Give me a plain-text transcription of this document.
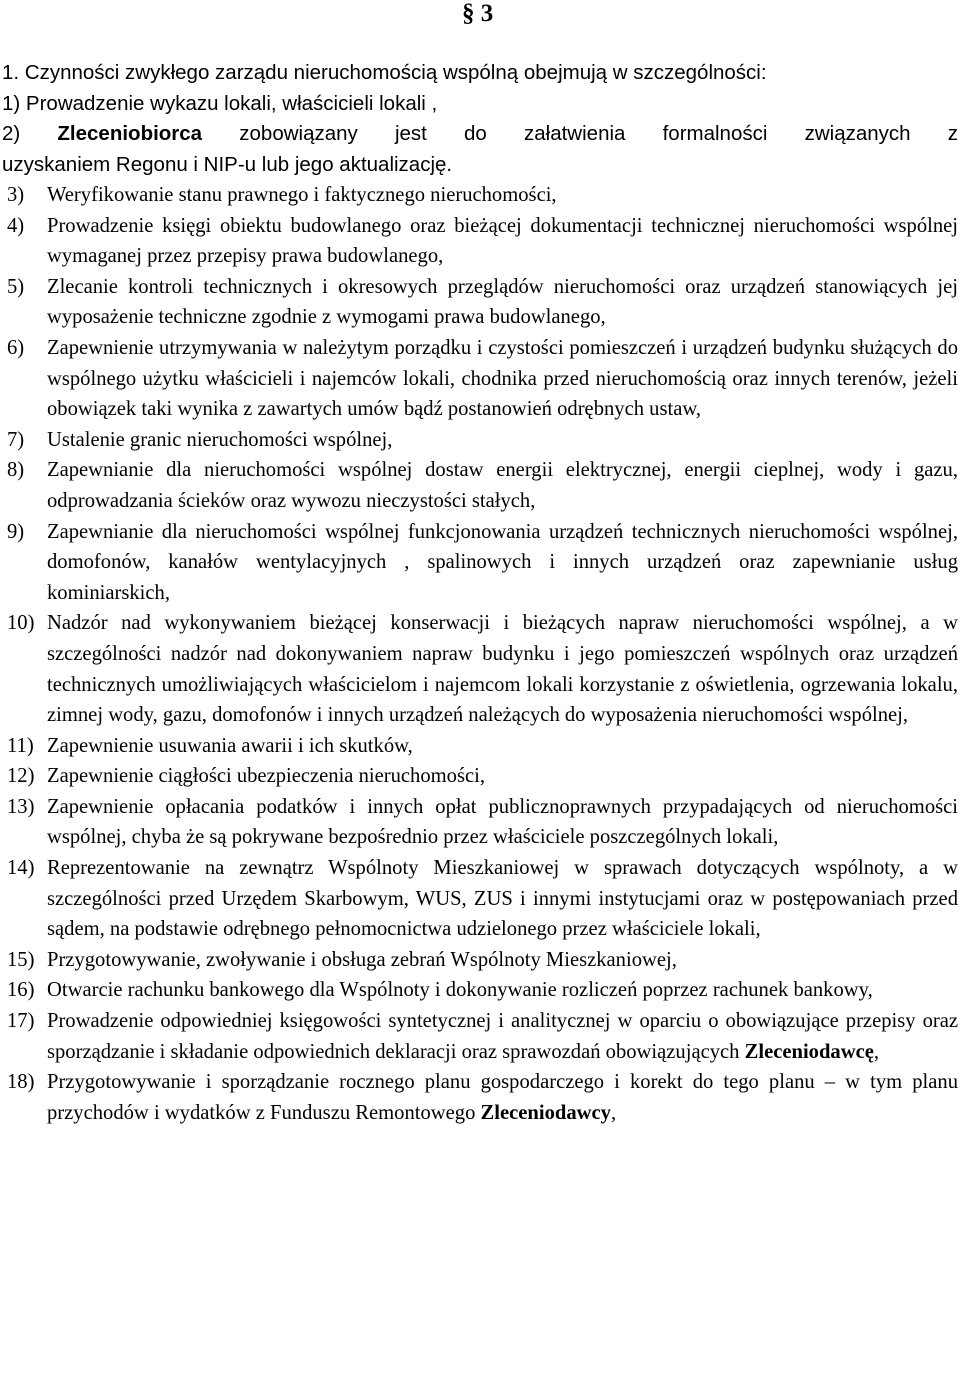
§ 3
1. Czynności zwykłego zarządu nieruchomością wspólną obejmują w szczególności:
1) Prowadzenie wykazu lokali, właścicieli lokali ,
2) Zleceniobiorca zobowiązany jest do załatwienia formalności związanych z
uzyskaniem Regonu i NIP-u lub jego aktualizację.
3)	Weryfikowanie stanu prawnego i faktycznego nieruchomości,
4)	Prowadzenie księgi obiektu budowlanego oraz bieżącej dokumentacji technicznej nieruchomości wspólnej wymaganej przez przepisy prawa budowlanego,
5)	Zlecanie kontroli technicznych i okresowych przeglądów nieruchomości oraz urządzeń stanowiących jej wyposażenie techniczne zgodnie z wymogami prawa budowlanego,
6)	Zapewnienie utrzymywania w należytym porządku i czystości pomieszczeń i urządzeń budynku służących do wspólnego użytku właścicieli i najemców lokali, chodnika przed nieruchomością oraz innych terenów, jeżeli obowiązek taki wynika z zawartych umów bądź postanowień odrębnych ustaw,
7)	Ustalenie granic nieruchomości wspólnej,
8)	Zapewnianie dla nieruchomości wspólnej dostaw energii elektrycznej, energii cieplnej, wody i gazu, odprowadzania ścieków oraz wywozu nieczystości stałych,
9)	Zapewnianie dla nieruchomości wspólnej funkcjonowania urządzeń technicznych nieruchomości wspólnej, domofonów, kanałów wentylacyjnych , spalinowych i innych urządzeń oraz zapewnianie usług kominiarskich,
10) Nadzór nad wykonywaniem bieżącej konserwacji i bieżących napraw nieruchomości wspólnej, a w szczególności nadzór nad dokonywaniem napraw budynku i jego pomieszczeń wspólnych oraz urządzeń technicznych umożliwiających właścicielom i najemcom lokali korzystanie z oświetlenia, ogrzewania lokalu, zimnej wody, gazu, domofonów i innych urządzeń należących do wyposażenia nieruchomości wspólnej,
11) Zapewnienie usuwania awarii i ich skutków,
12) Zapewnienie ciągłości ubezpieczenia nieruchomości,
13) Zapewnienie opłacania podatków i innych opłat publicznoprawnych przypadających od nieruchomości wspólnej, chyba że są pokrywane bezpośrednio przez właściciele poszczególnych lokali,
14) Reprezentowanie na zewnątrz Wspólnoty Mieszkaniowej w sprawach dotyczących wspólnoty, a w szczególności przed Urzędem Skarbowym, WUS, ZUS i innymi instytucjami oraz w postępowaniach przed sądem, na podstawie odrębnego pełnomocnictwa udzielonego przez właściciele lokali,
15) Przygotowywanie, zwoływanie i obsługa zebrań Wspólnoty Mieszkaniowej,
16) Otwarcie rachunku bankowego dla Wspólnoty i dokonywanie rozliczeń poprzez rachunek bankowy,
17) Prowadzenie odpowiedniej księgowości syntetycznej i analitycznej w oparciu o obowiązujące przepisy oraz sporządzanie i składanie odpowiednich deklaracji oraz sprawozdań obowiązujących Zleceniodawcę,
18) Przygotowywanie i sporządzanie rocznego planu gospodarczego i korekt do tego planu – w tym planu przychodów i wydatków z Funduszu Remontowego Zleceniodawcy,
